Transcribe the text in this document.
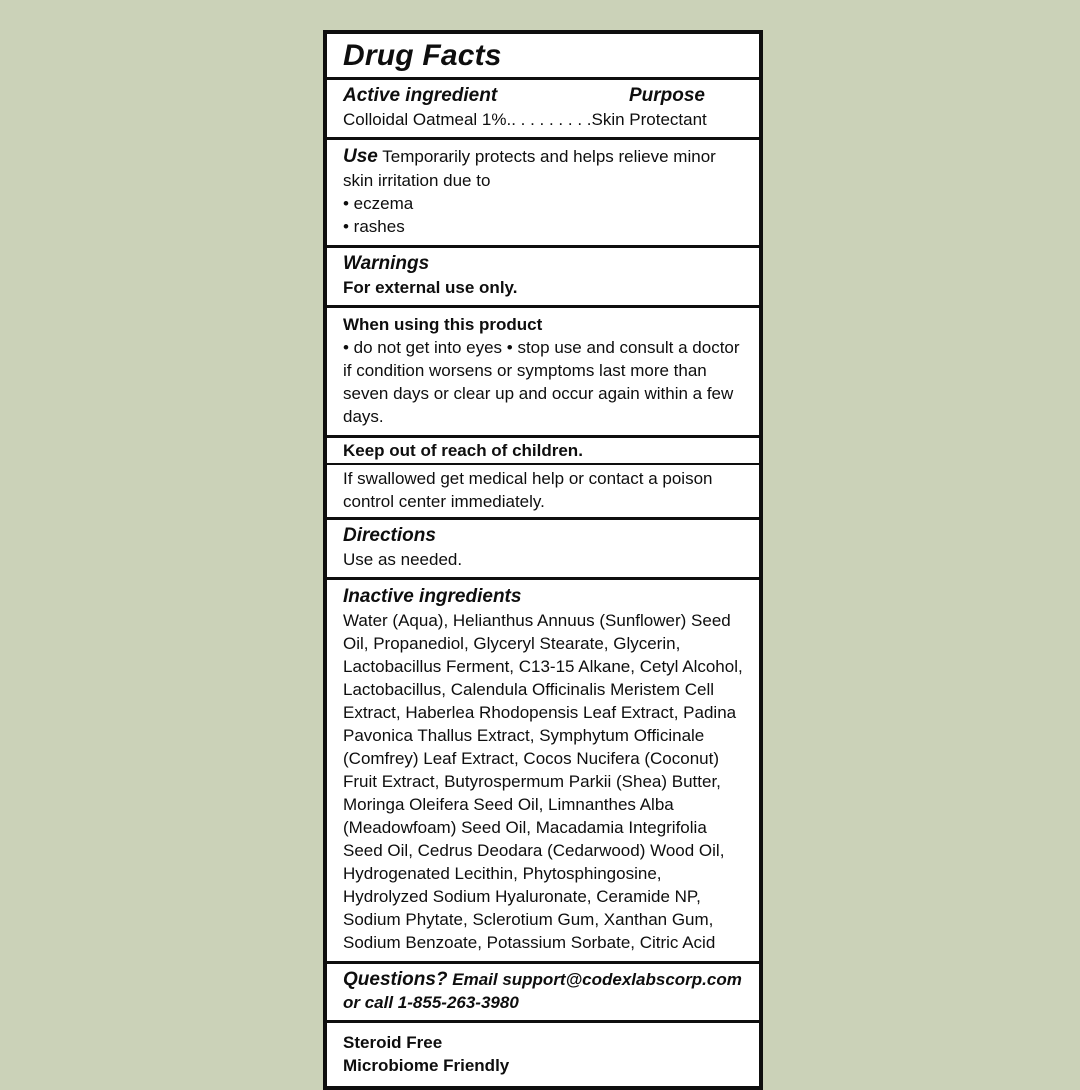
Drug Facts

Active ingredient	Purpose

Colloidal Oatmeal 1%.. . . . . . . . .Skin Protectant

Use Temporarily protects and helps relieve minor skin irritation due to

• eczema

• rashes

Warnings

For external use only.

When using this product

• do not get into eyes • stop use and consult a doctor if condition worsens or symptoms last more than seven days or clear up and occur again within a few days.

Keep out of reach of children.

If swallowed get medical help or contact a poison control center immediately.

Directions

Use as needed.

Inactive ingredients

Water (Aqua), Helianthus Annuus (Sunflower) Seed Oil, Propanediol, Glyceryl Stearate, Glycerin, Lactobacillus Ferment, C13-15 Alkane, Cetyl Alcohol, Lactobacillus, Calendula Officinalis Meristem Cell Extract, Haberlea Rhodopensis Leaf Extract, Padina Pavonica Thallus Extract, Symphytum Officinale (Comfrey) Leaf Extract, Cocos Nucifera (Coconut) Fruit Extract, Butyrospermum Parkii (Shea) Butter, Moringa Oleifera Seed Oil, Limnanthes Alba (Meadowfoam) Seed Oil, Macadamia Integrifolia Seed Oil, Cedrus Deodara (Cedarwood) Wood Oil, Hydrogenated Lecithin, Phytosphingosine, Hydrolyzed Sodium Hyaluronate, Ceramide NP, Sodium Phytate, Sclerotium Gum, Xanthan Gum, Sodium Benzoate, Potassium Sorbate, Citric Acid

Questions? Email support@codexlabscorp.com
or call 1-855-263-3980

Steroid Free

Microbiome Friendly
